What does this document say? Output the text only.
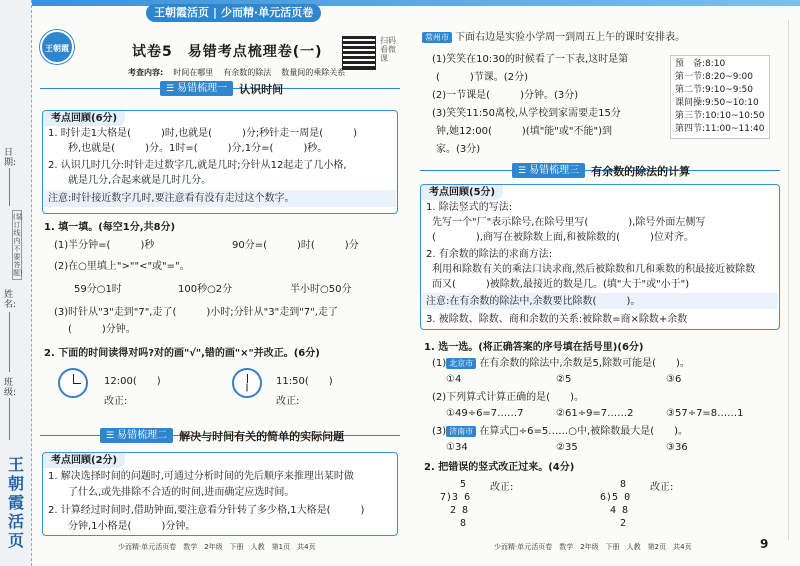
日期:
(装订线内不要答题)
姓名:
班级:
王朝霞活页
王朝霞活页 | 少而精·单元活页卷
王朝霞	试卷5　易错考点梳理卷(一)
扫码看微课
考查内容: 时间在哪里 有余数的除法 数量间的乘除关系
☰ 易错梳理一	认识时间
考点回顾(6分)
1. 时针走1大格是(　　　)时,也就是(　　　)分;秒针走一周是(　　　)
　　秒,也就是(　　　)分。1时=(　　　)分,1分=(　　　)秒。
2. 认识几时几分:时针走过数字几,就是几时;分针从12起走了几小格,
　　就是几分,合起来就是几时几分。
注意:时针接近数字几时,要注意看有没有走过这个数字。
1. 填一填。(每空1分,共8分)
(1)半分钟=(　　　)秒	90分=(　　　)时(　　　)分
(2)在○里填上">""<"或"="。
59分○1时	100秒○2分	半小时○50分
(3)时针从"3"走到"7",走了(　　　)小时;分针从"3"走到"7",走了
(　　　)分钟。
2. 下面的时间读得对吗?对的画"√",错的画"×"并改正。(6分)
12:00(　　)
改正:
11:50(　　)
改正:
☰ 易错梳理二	解决与时间有关的简单的实际问题
考点回顾(2分)
1. 解决选择时间的问题时,可通过分析时间的先后顺序来推理出某时做
　　了什么,或先排除不合适的时间,进而确定应选时间。
2. 计算经过时间时,借助钟面,要注意看分针转了多少格,1大格是(　　　)
　　分钟,1小格是(　　　)分钟。
少而精·单元活页卷　数学　2年级　下册　人教　第1页　共4页
常州市 下面右边是实验小学周一到周五上午的课时安排表。
(1)笑笑在10:30的时候看了一下表,这时是第
(　　　)节课。(2分)
(2)一节课是(　　　)分钟。(3分)
(3)笑笑11:50离校,从学校到家需要走15分
钟,她12:00(　　　)(填"能"或"不能")到
家。(3分)
预　备:8:10
第一节:8:20~9:00
第二节:9:10~9:50
课间操:9:50~10:10
第三节:10:10~10:50
第四节:11:00~11:40
☰ 易错梳理三	有余数的除法的计算
考点回顾(5分)
1. 除法竖式的写法:
先写一个"厂"表示除号,在除号里写(　　　　),除号外面左侧写
(　　　　),商写在被除数上面,和被除数的(　　　)位对齐。
2. 有余数的除法的求商方法:
利用和除数有关的乘法口诀求商,然后被除数和几和乘数的积最接近被除数
而又(　　　)被除数,最接近的数是几。(填"大于"或"小于")
注意:在有余数的除法中,余数要比除数(　　　)。
3. 被除数、除数、商和余数的关系:被除数=商×除数+余数
1. 选一选。(将正确答案的序号填在括号里)(6分)
(1) 北京市 在有余数的除法中,余数是5,除数可能是(　　)。
①4	②5	③6
(2)下列算式计算正确的是(　　)。
①49÷6=7……7	②61÷9=7……2	③57÷7=8……1
(3) 济南市 在算式□÷6=5……○中,被除数最大是(　　)。
①34	②35	③36
2. 把错误的竖式改正过来。(4分)
　　5
7)3 6
　2 8
　　8
改正:	　　8
6)5 0
　4 8
　　2
改正:
少而精·单元活页卷　数学　2年级　下册　人教　第2页　共4页	9
